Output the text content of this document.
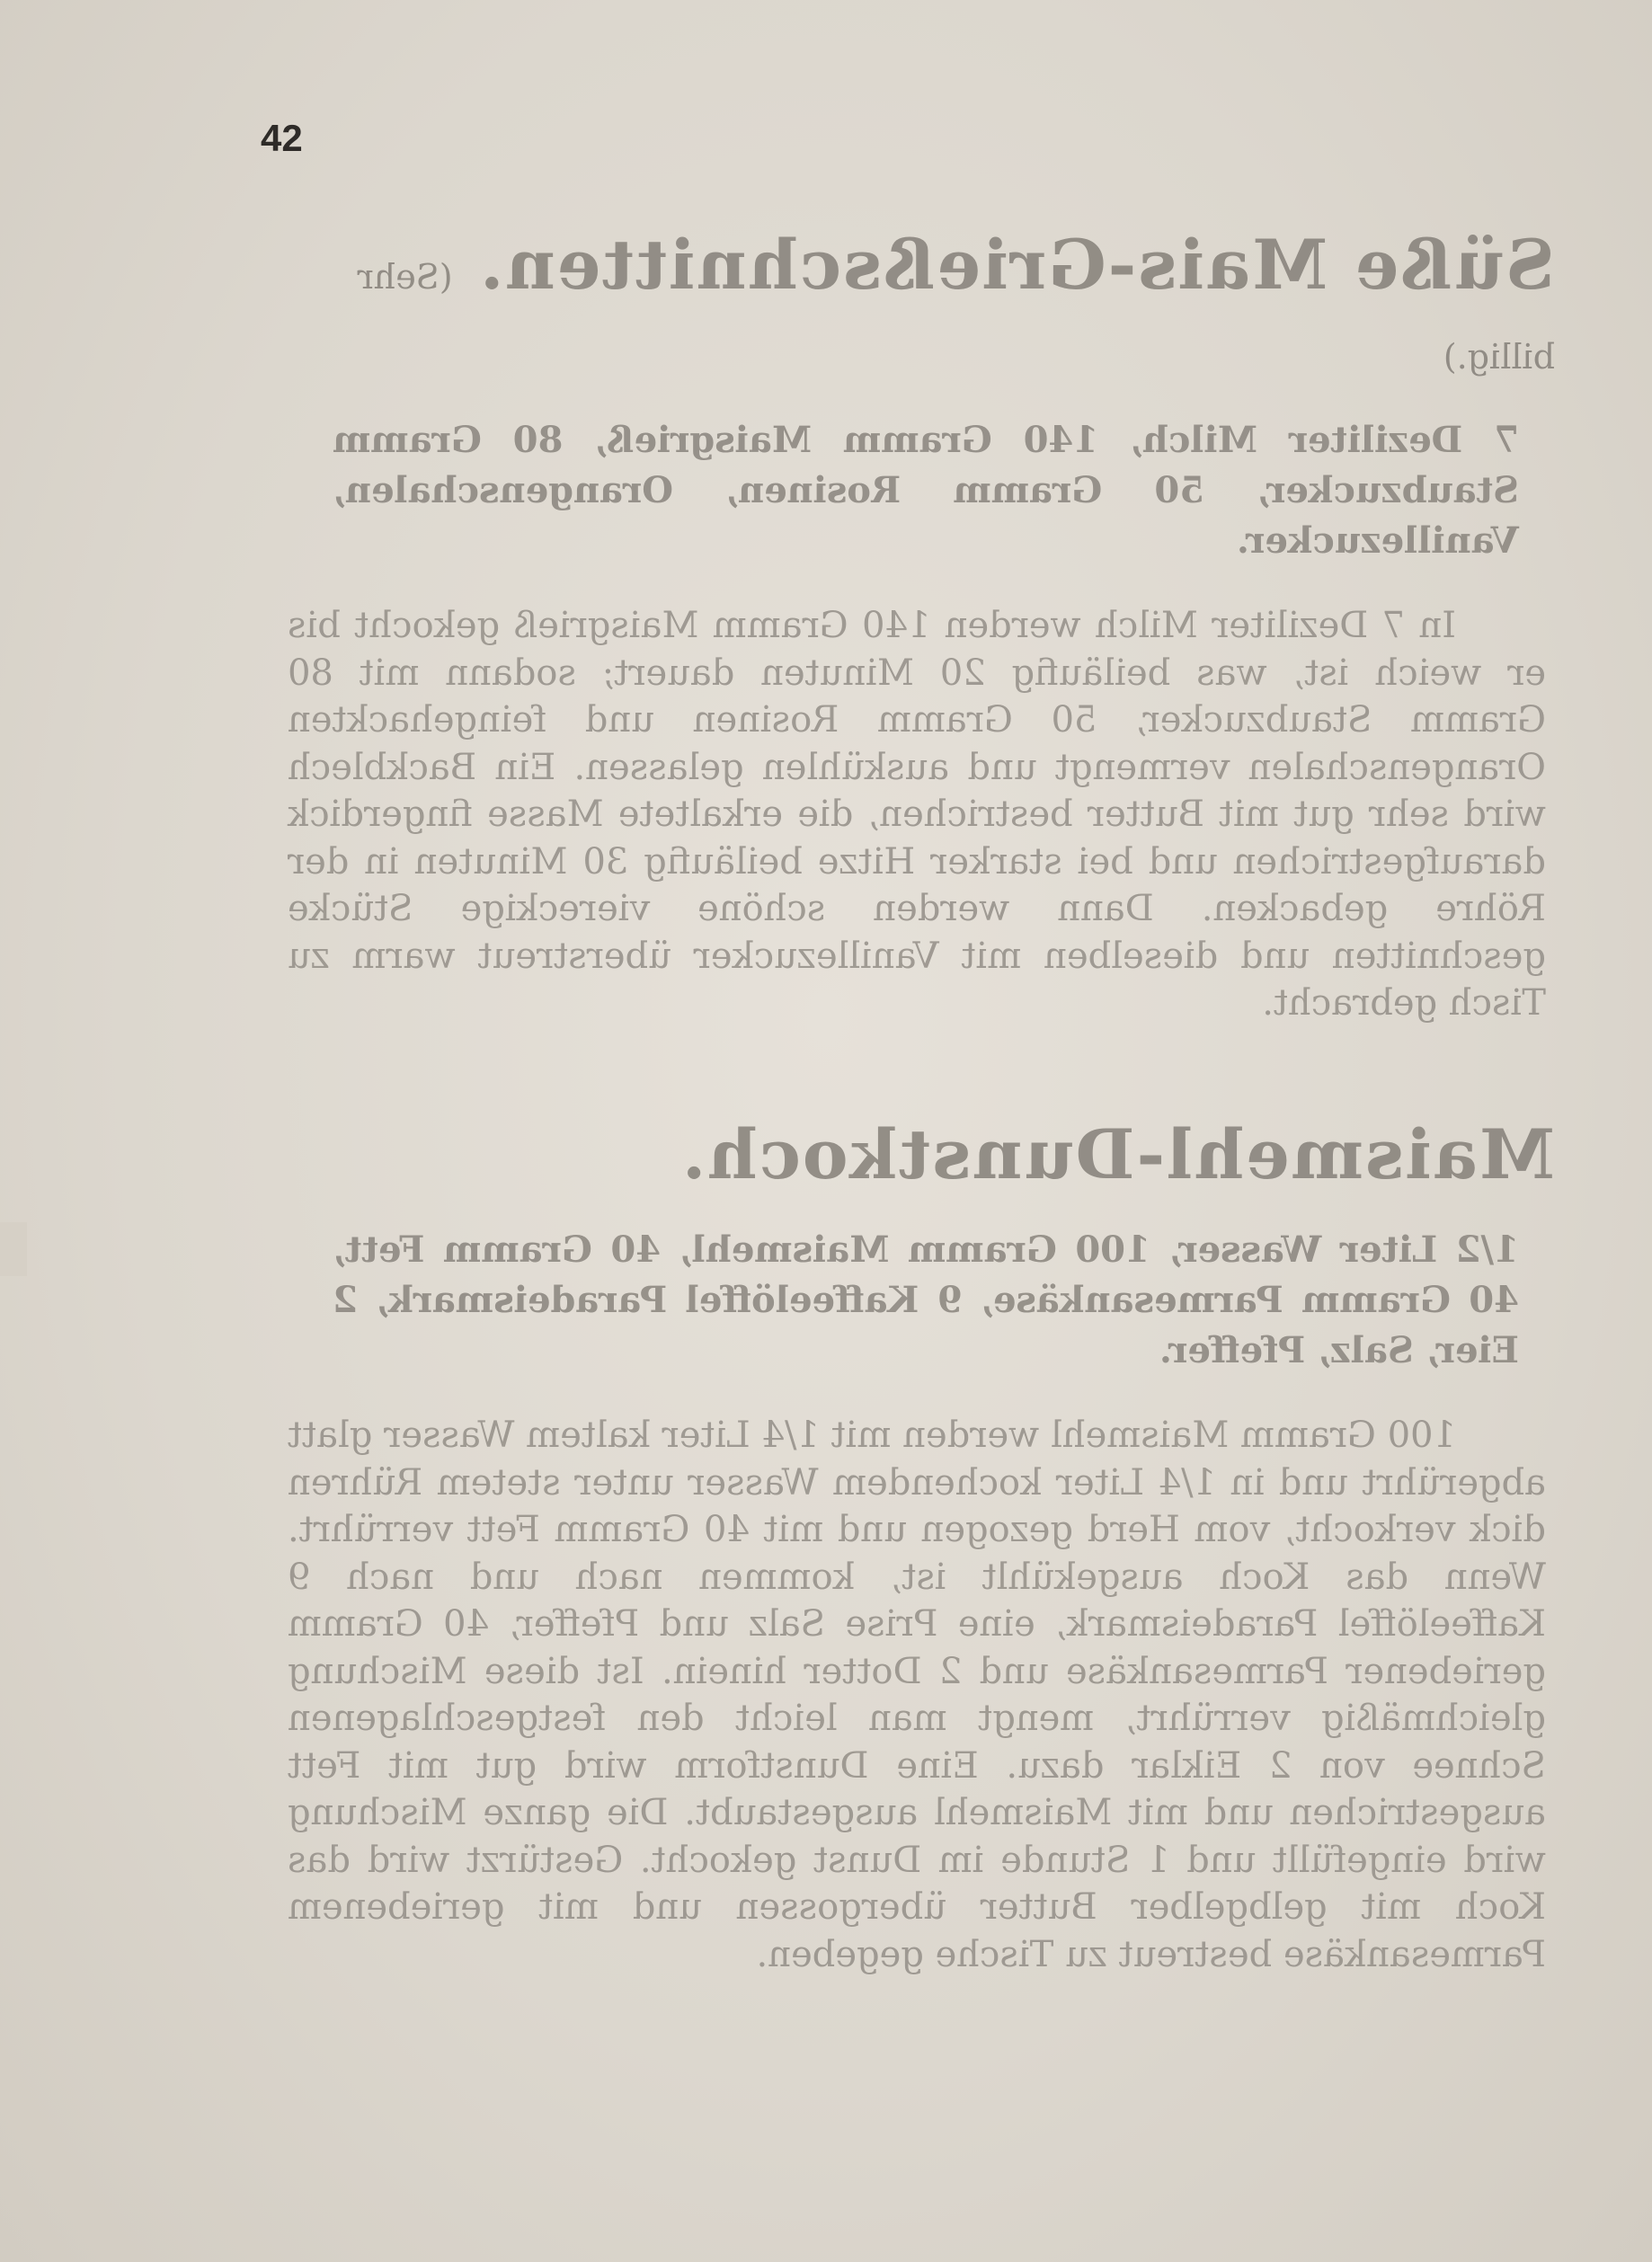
42

Süße Mais-Grießschnitten. (Sehr billig.)

7 Deziliter Milch, 140 Gramm Maisgrieß, 80 Gramm Staubzucker, 50 Gramm Rosinen, Orangenschalen, Vanillezucker.

In 7 Deziliter Milch werden 140 Gramm Maisgrieß gekocht bis er weich ist, was beiläufig 20 Minuten dauert; sodann mit 80 Gramm Staubzucker, 50 Gramm Rosinen und feingehackten Orangenschalen vermengt und auskühlen gelassen. Ein Backblech wird sehr gut mit Butter bestrichen, die erkaltete Masse fingerdick daraufgestrichen und bei starker Hitze beiläufig 30 Minuten in der Röhre gebacken. Dann werden schöne viereckige Stücke geschnitten und dieselben mit Vanillezucker überstreut warm zu Tisch gebracht.

Maismehl-Dunstkoch.

1/2 Liter Wasser, 100 Gramm Maismehl, 40 Gramm Fett, 40 Gramm Parmesankäse, 9 Kaffeelöffel Paradeismark, 2 Eier, Salz, Pfeffer.

100 Gramm Maismehl werden mit 1/4 Liter kaltem Wasser glatt abgerührt und in 1/4 Liter kochendem Wasser unter stetem Rühren dick verkocht, vom Herd gezogen und mit 40 Gramm Fett verrührt. Wenn das Koch ausgekühlt ist, kommen nach und nach 9 Kaffeelöffel Paradeismark, eine Prise Salz und Pfeffer, 40 Gramm geriebener Parmesankäse und 2 Dotter hinein. Ist diese Mischung gleichmäßig verrührt, mengt man leicht den festgeschlagenen Schnee von 2 Eiklar dazu. Eine Dunstform wird gut mit Fett ausgestrichen und mit Maismehl ausgestaubt. Die ganze Mischung wird eingefüllt und 1 Stunde im Dunst gekocht. Gestürzt wird das Koch mit gelbgelber Butter übergossen und mit geriebenem Parmesankäse bestreut zu Tische gegeben.
